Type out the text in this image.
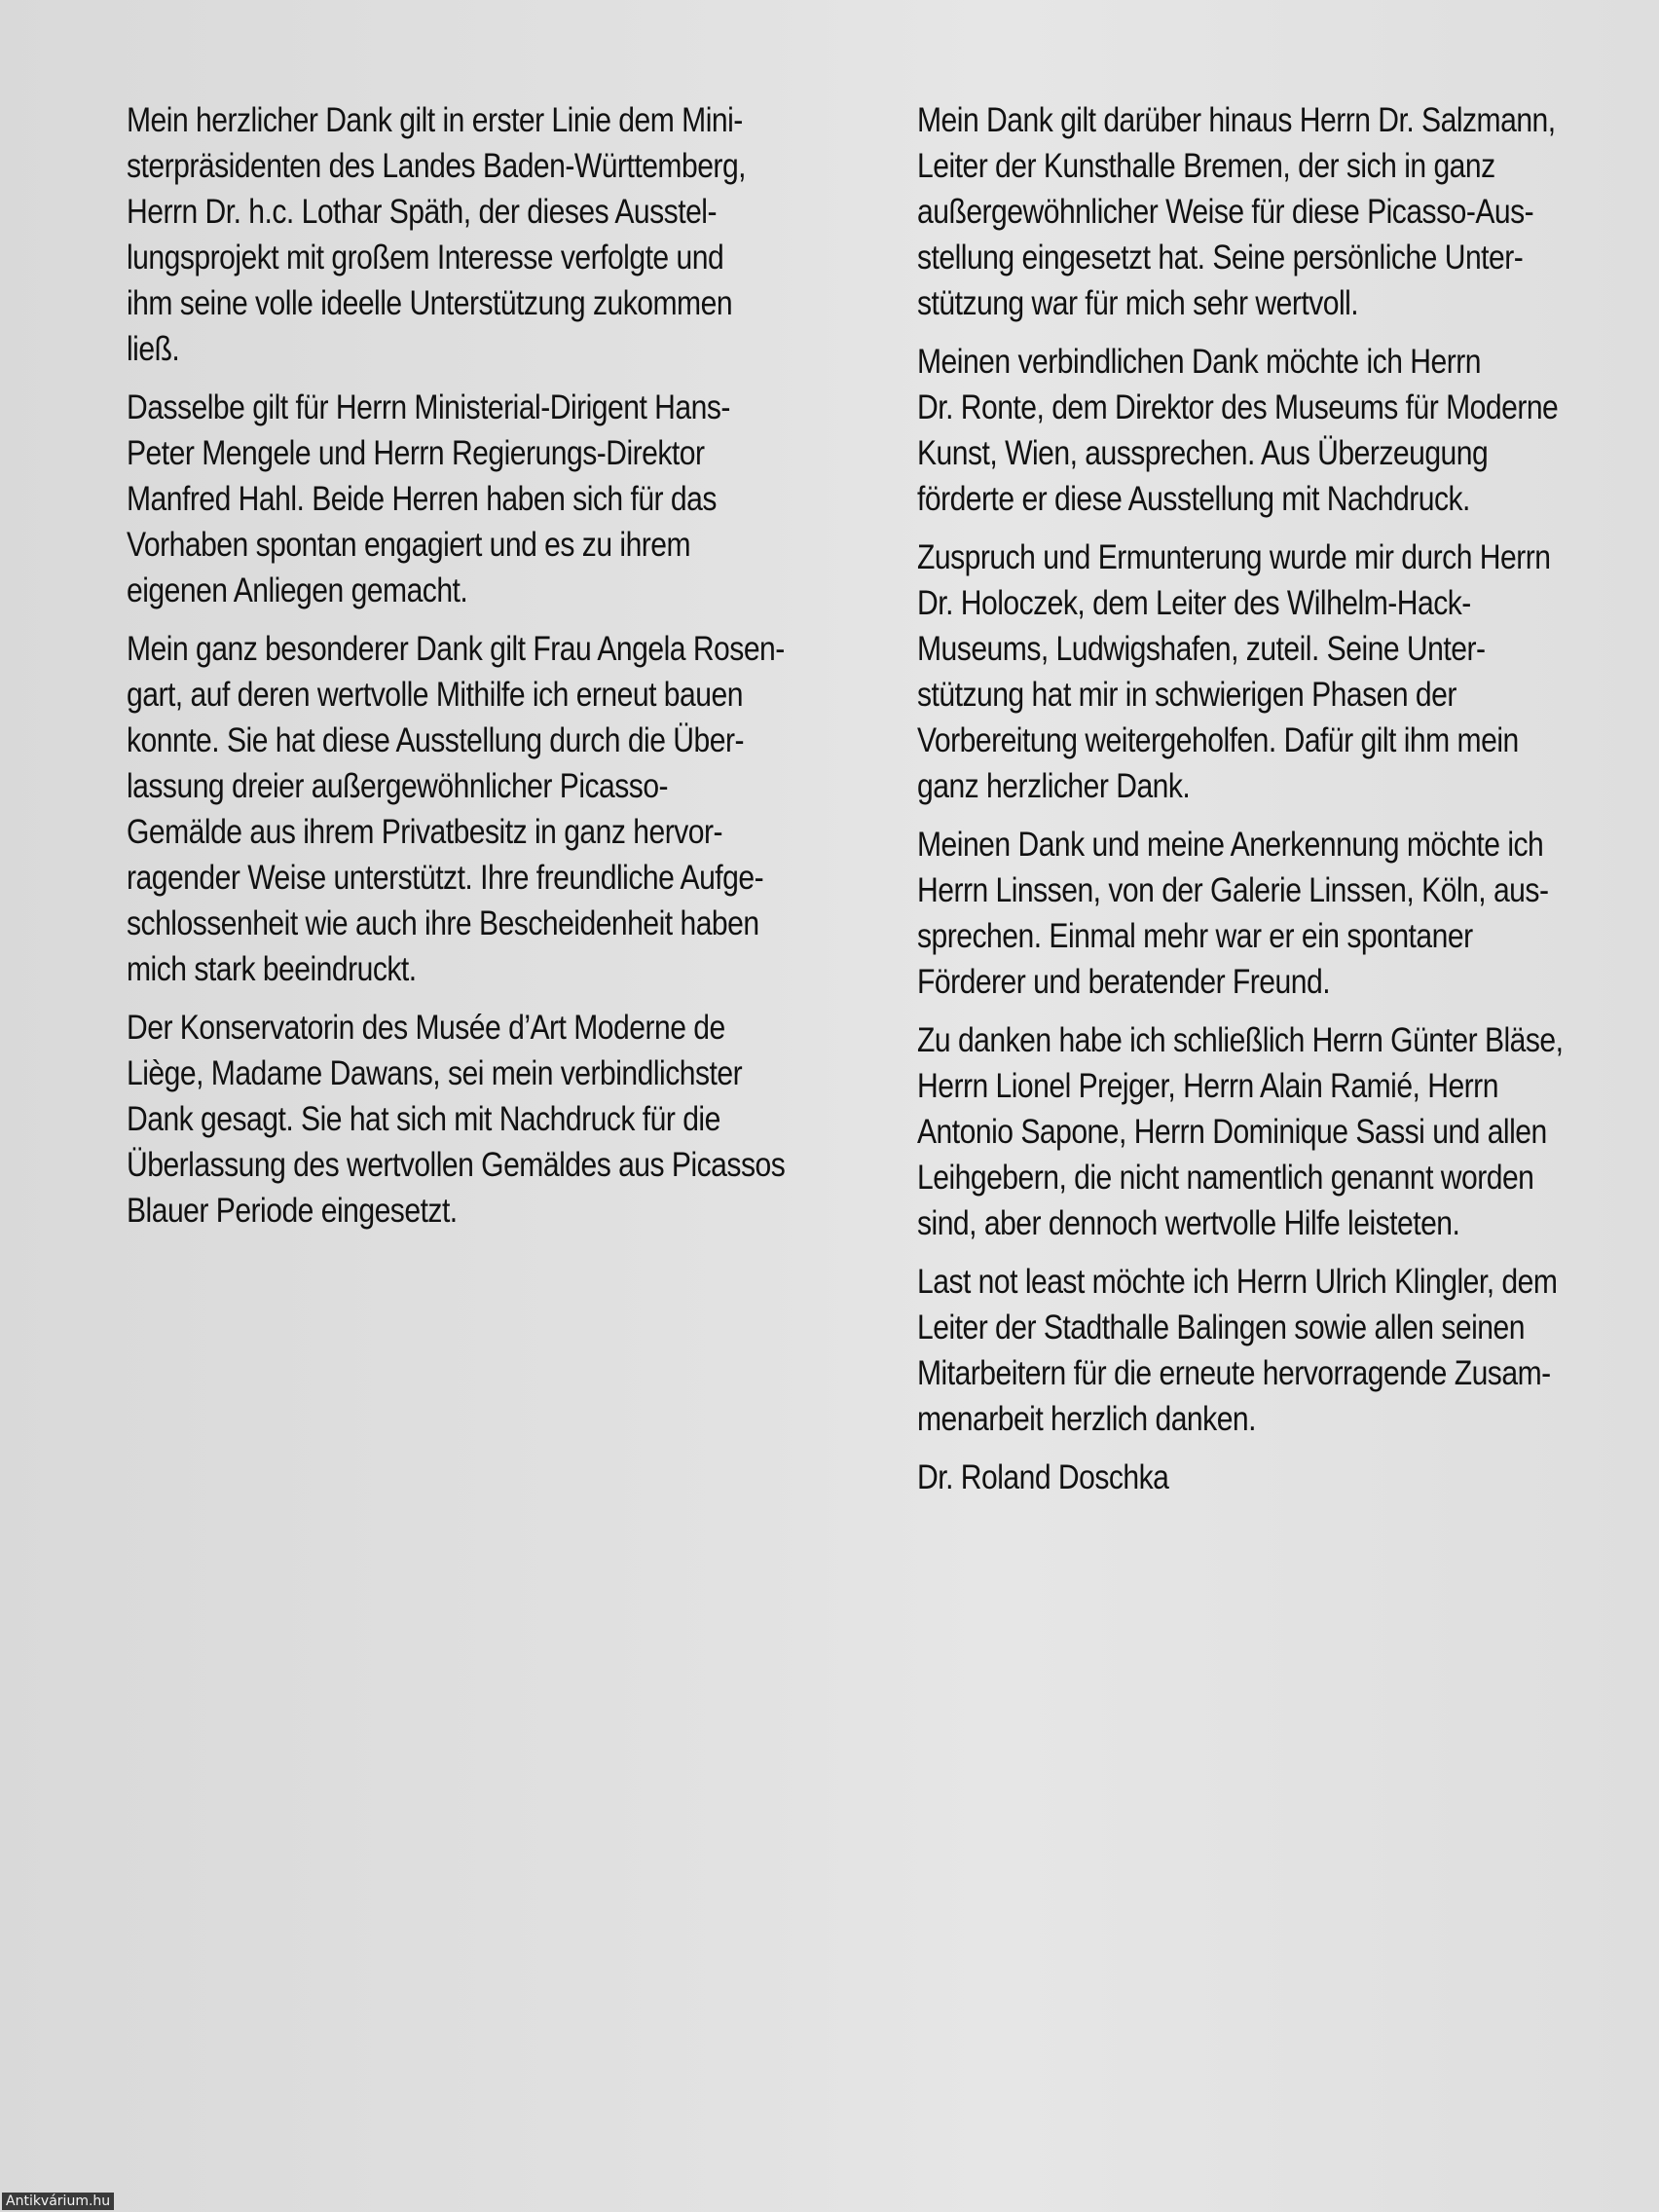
Mein herzlicher Dank gilt in erster Linie dem Mini-
sterpräsidenten des Landes Baden-Württemberg,
Herrn Dr. h.c. Lothar Späth, der dieses Ausstel-
lungsprojekt mit großem Interesse verfolgte und
ihm seine volle ideelle Unterstützung zukommen
ließ.
Dasselbe gilt für Herrn Ministerial-Dirigent Hans-
Peter Mengele und Herrn Regierungs-Direktor
Manfred Hahl. Beide Herren haben sich für das
Vorhaben spontan engagiert und es zu ihrem
eigenen Anliegen gemacht.
Mein ganz besonderer Dank gilt Frau Angela Rosen-
gart, auf deren wertvolle Mithilfe ich erneut bauen
konnte. Sie hat diese Ausstellung durch die Über-
lassung dreier außergewöhnlicher Picasso-
Gemälde aus ihrem Privatbesitz in ganz hervor-
ragender Weise unterstützt. Ihre freundliche Aufge-
schlossenheit wie auch ihre Bescheidenheit haben
mich stark beeindruckt.
Der Konservatorin des Musée d’Art Moderne de
Liège, Madame Dawans, sei mein verbindlichster
Dank gesagt. Sie hat sich mit Nachdruck für die
Überlassung des wertvollen Gemäldes aus Picassos
Blauer Periode eingesetzt.
Mein Dank gilt darüber hinaus Herrn Dr. Salzmann,
Leiter der Kunsthalle Bremen, der sich in ganz
außergewöhnlicher Weise für diese Picasso-Aus-
stellung eingesetzt hat. Seine persönliche Unter-
stützung war für mich sehr wertvoll.
Meinen verbindlichen Dank möchte ich Herrn
Dr. Ronte, dem Direktor des Museums für Moderne
Kunst, Wien, aussprechen. Aus Überzeugung
förderte er diese Ausstellung mit Nachdruck.
Zuspruch und Ermunterung wurde mir durch Herrn
Dr. Holoczek, dem Leiter des Wilhelm-Hack-
Museums, Ludwigshafen, zuteil. Seine Unter-
stützung hat mir in schwierigen Phasen der
Vorbereitung weitergeholfen. Dafür gilt ihm mein
ganz herzlicher Dank.
Meinen Dank und meine Anerkennung möchte ich
Herrn Linssen, von der Galerie Linssen, Köln, aus-
sprechen. Einmal mehr war er ein spontaner
Förderer und beratender Freund.
Zu danken habe ich schließlich Herrn Günter Bläse,
Herrn Lionel Prejger, Herrn Alain Ramié, Herrn
Antonio Sapone, Herrn Dominique Sassi und allen
Leihgebern, die nicht namentlich genannt worden
sind, aber dennoch wertvolle Hilfe leisteten.
Last not least möchte ich Herrn Ulrich Klingler, dem
Leiter der Stadthalle Balingen sowie allen seinen
Mitarbeitern für die erneute hervorragende Zusam-
menarbeit herzlich danken.
Dr. Roland Doschka
Antikvárium.hu
